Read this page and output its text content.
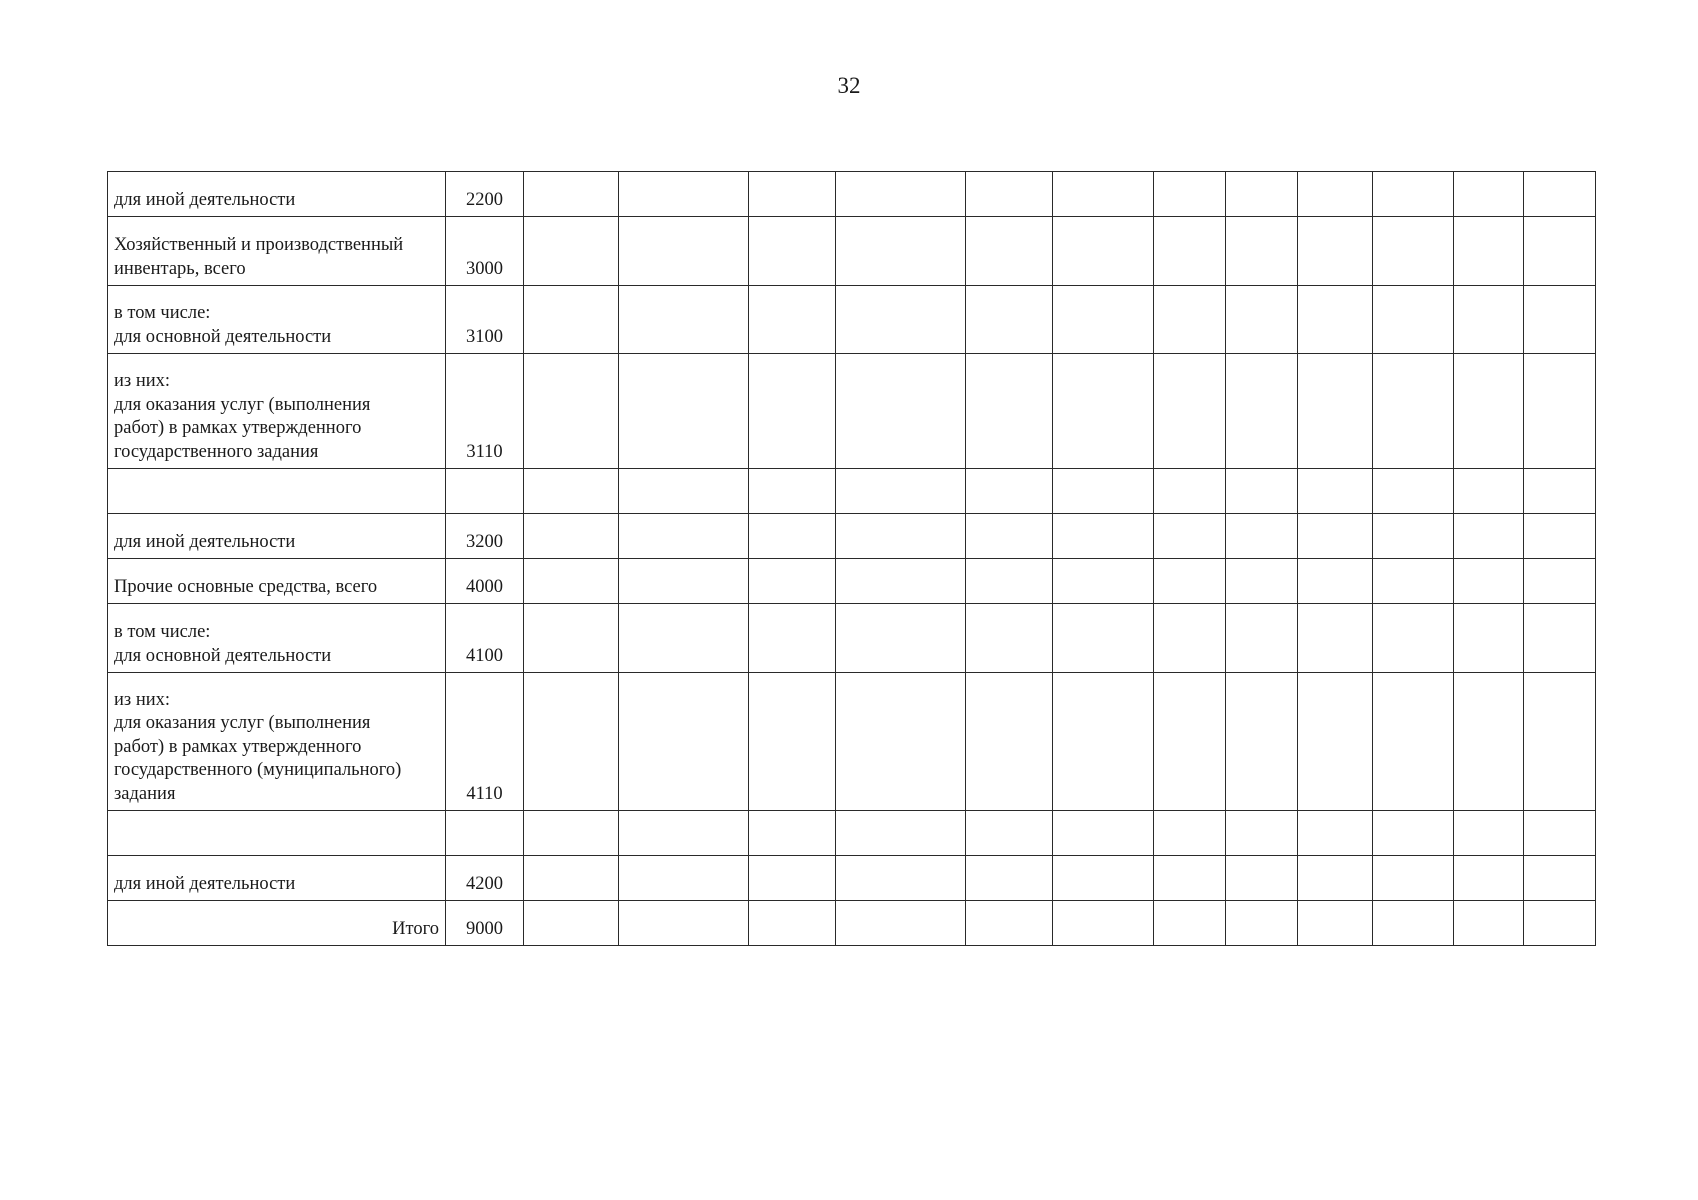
32
для иной деятельности	2200												

Хозяйственный и производственный
инвентарь, всего	3000												

в том числе:
для основной деятельности	3100												

из них:
для оказания услуг (выполнения
работ) в рамках утвержденного
государственного задания	3110												

для иной деятельности	3200												

Прочие основные средства, всего	4000												

в том числе:
для основной деятельности	4100												

из них:
для оказания услуг (выполнения
работ) в рамках утвержденного
государственного (муниципального)
задания	4110												

для иной деятельности	4200												

Итого	9000												
